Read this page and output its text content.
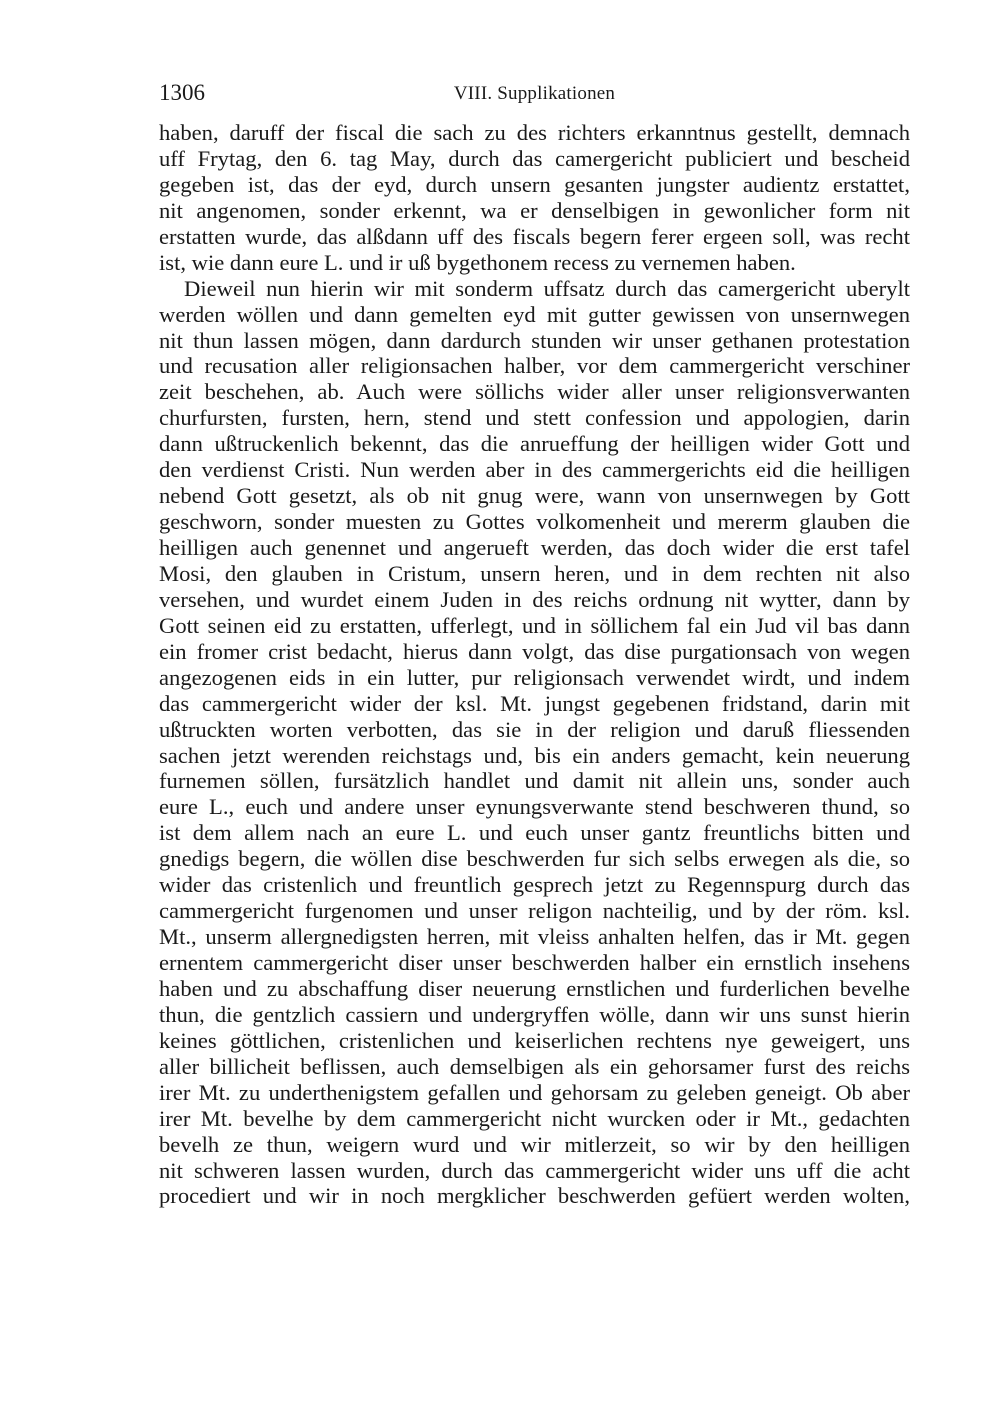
1306	VIII. Supplikationen
haben, daruff der fiscal die sach zu des richters erkanntnus gestellt, demnach
uff Frytag, den 6. tag May, durch das camergericht publiciert und bescheid
gegeben ist, das der eyd, durch unsern gesanten jungster audientz erstattet,
nit angenomen, sonder erkennt, wa er denselbigen in gewonlicher form nit
erstatten wurde, das alßdann uff des fiscals begern ferer ergeen soll, was recht
ist, wie dann eure L. und ir uß bygethonem recess zu vernemen haben.
Dieweil nun hierin wir mit sonderm uffsatz durch das camergericht uberylt
werden wöllen und dann gemelten eyd mit gutter gewissen von unsernwegen
nit thun lassen mögen, dann dardurch stunden wir unser gethanen protestation
und recusation aller religionsachen halber, vor dem cammergericht verschiner
zeit beschehen, ab. Auch were söllichs wider aller unser religionsverwanten
churfursten, fursten, hern, stend und stett confession und appologien, darin
dann ußtruckenlich bekennt, das die anrueffung der heilligen wider Gott und
den verdienst Cristi. Nun werden aber in des cammergerichts eid die heilligen
nebend Gott gesetzt, als ob nit gnug were, wann von unsernwegen by Gott
geschworn, sonder muesten zu Gottes volkomenheit und mererm glauben die
heilligen auch genennet und angerueft werden, das doch wider die erst tafel
Mosi, den glauben in Cristum, unsern heren, und in dem rechten nit also
versehen, und wurdet einem Juden in des reichs ordnung nit wytter, dann by
Gott seinen eid zu erstatten, ufferlegt, und in söllichem fal ein Jud vil bas dann
ein fromer crist bedacht, hierus dann volgt, das dise purgationsach von wegen
angezogenen eids in ein lutter, pur religionsach verwendet wirdt, und indem
das cammergericht wider der ksl. Mt. jungst gegebenen fridstand, darin mit
ußtruckten worten verbotten, das sie in der religion und daruß fliessenden
sachen jetzt werenden reichstags und, bis ein anders gemacht, kein neuerung
furnemen söllen, fursätzlich handlet und damit nit allein uns, sonder auch
eure L., euch und andere unser eynungsverwante stend beschweren thund, so
ist dem allem nach an eure L. und euch unser gantz freuntlichs bitten und
gnedigs begern, die wöllen dise beschwerden fur sich selbs erwegen als die, so
wider das cristenlich und freuntlich gesprech jetzt zu Regennspurg durch das
cammergericht furgenomen und unser religon nachteilig, und by der röm. ksl.
Mt., unserm allergnedigsten herren, mit vleiss anhalten helfen, das ir Mt. gegen
ernentem cammergericht diser unser beschwerden halber ein ernstlich insehens
haben und zu abschaffung diser neuerung ernstlichen und furderlichen bevelhe
thun, die gentzlich cassiern und undergryffen wölle, dann wir uns sunst hierin
keines göttlichen, cristenlichen und keiserlichen rechtens nye geweigert, uns
aller billicheit beflissen, auch demselbigen als ein gehorsamer furst des reichs
irer Mt. zu underthenigstem gefallen und gehorsam zu geleben geneigt. Ob aber
irer Mt. bevelhe by dem cammergericht nicht wurcken oder ir Mt., gedachten
bevelh ze thun, weigern wurd und wir mitlerzeit, so wir by den heilligen
nit schweren lassen wurden, durch das cammergericht wider uns uff die acht
procediert und wir in noch mergklicher beschwerden gefüert werden wolten,
